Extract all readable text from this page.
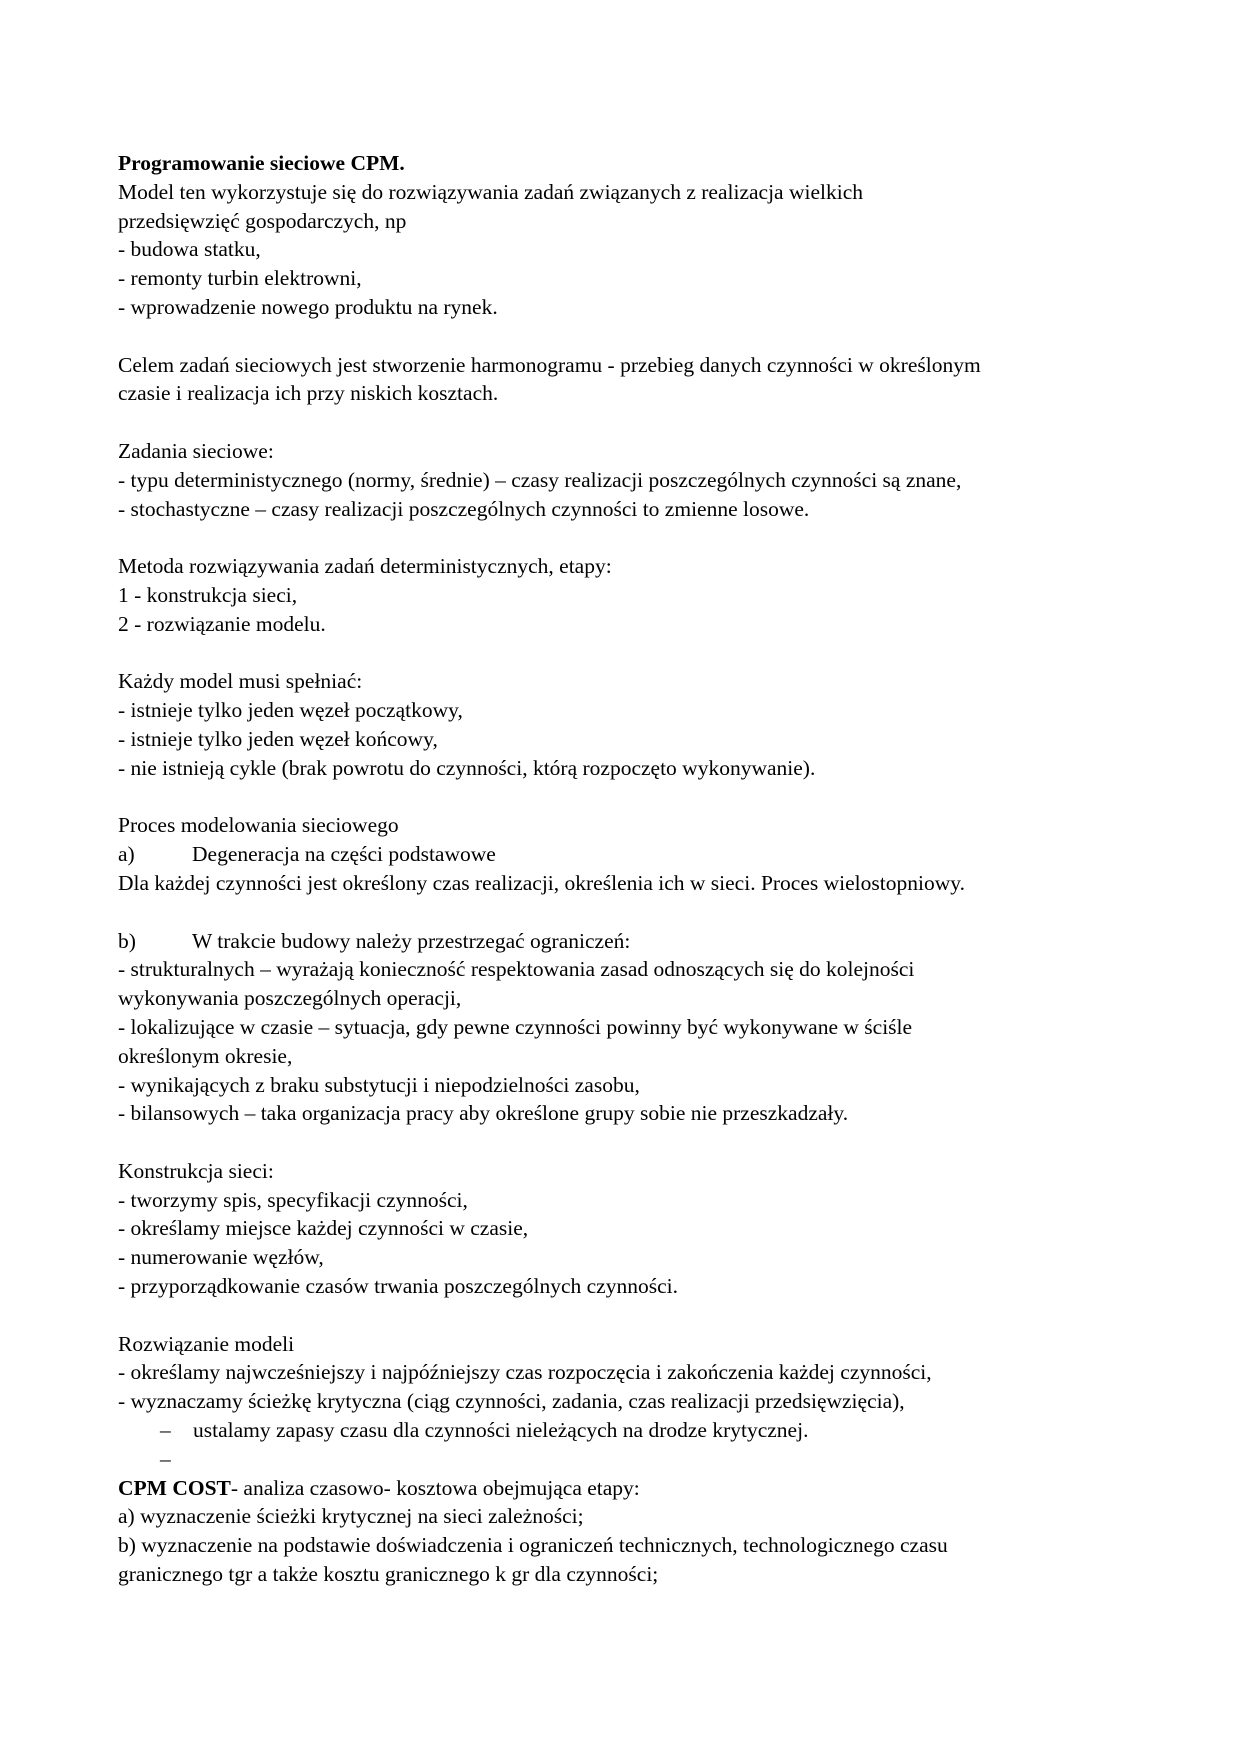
Programowanie sieciowe CPM.
Model ten wykorzystuje się do rozwiązywania zadań związanych z realizacja wielkich
przedsięwzięć gospodarczych, np
- budowa statku,
- remonty turbin elektrowni,
- wprowadzenie nowego produktu na rynek.
Celem zadań sieciowych jest stworzenie harmonogramu - przebieg danych czynności w określonym
czasie i realizacja ich przy niskich kosztach.
Zadania sieciowe:
- typu deterministycznego (normy, średnie) – czasy realizacji poszczególnych czynności są znane,
- stochastyczne – czasy realizacji poszczególnych czynności to zmienne losowe.
Metoda rozwiązywania zadań deterministycznych, etapy:
1 - konstrukcja sieci,
2 - rozwiązanie modelu.
Każdy model musi spełniać:
- istnieje tylko jeden węzeł początkowy,
- istnieje tylko jeden węzeł końcowy,
- nie istnieją cykle (brak powrotu do czynności, którą rozpoczęto wykonywanie).
Proces modelowania sieciowego
a)	Degeneracja na części podstawowe
Dla każdej czynności jest określony czas realizacji, określenia ich w sieci. Proces wielostopniowy.
b)	W trakcie budowy należy przestrzegać ograniczeń:
- strukturalnych – wyrażają konieczność respektowania zasad odnoszących się do kolejności
wykonywania poszczególnych operacji,
- lokalizujące w czasie – sytuacja, gdy pewne czynności powinny być wykonywane w ściśle
określonym okresie,
- wynikających z braku substytucji i niepodzielności zasobu,
- bilansowych – taka organizacja pracy aby określone grupy sobie nie przeszkadzały.
Konstrukcja sieci:
- tworzymy spis, specyfikacji czynności,
- określamy miejsce każdej czynności w czasie,
- numerowanie węzłów,
- przyporządkowanie czasów trwania poszczególnych czynności.
Rozwiązanie modeli
- określamy najwcześniejszy i najpóźniejszy czas rozpoczęcia i zakończenia każdej czynności,
- wyznaczamy ścieżkę krytyczna (ciąg czynności, zadania, czas realizacji przedsięwzięcia),
– ustalamy zapasy czasu dla czynności nieleżących na drodze krytycznej.
–
CPM COST- analiza czasowo- kosztowa obejmująca etapy:
a) wyznaczenie ścieżki krytycznej na sieci zależności;
b) wyznaczenie na podstawie doświadczenia i ograniczeń technicznych, technologicznego czasu
granicznego tgr a także kosztu granicznego k gr dla czynności;
